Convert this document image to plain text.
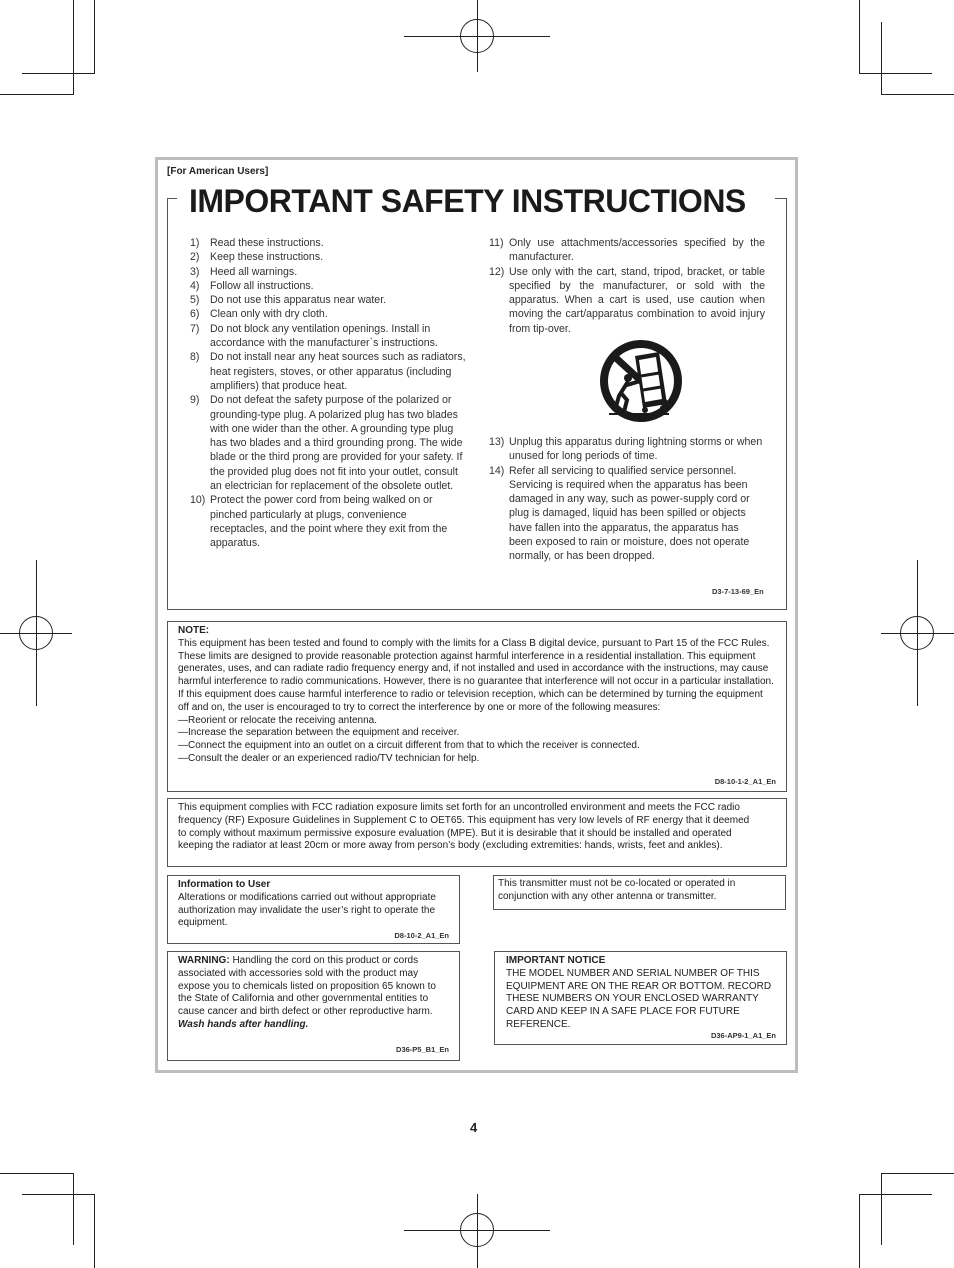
[For American Users]
IMPORTANT SAFETY INSTRUCTIONS
1) Read these instructions.
2) Keep these instructions.
3) Heed all warnings.
4) Follow all instructions.
5) Do not use this apparatus near water.
6) Clean only with dry cloth.
7) Do not block any ventilation openings. Install in accordance with the manufacturer`s instructions.
8) Do not install near any heat sources such as radiators, heat registers, stoves, or other apparatus (including amplifiers) that produce heat.
9) Do not defeat the safety purpose of the polarized or grounding-type plug. A polarized plug has two blades with one wider than the other. A grounding type plug has two blades and a third grounding prong. The wide blade or the third prong are provided for your safety. If the provided plug does not fit into your outlet, consult an electrician for replacement of the obsolete outlet.
10) Protect the power cord from being walked on or pinched particularly at plugs, convenience receptacles, and the point where they exit from the apparatus.
11) Only use attachments/accessories specified by the manufacturer.
12) Use only with the cart, stand, tripod, bracket, or table specified by the manufacturer, or sold with the apparatus. When a cart is used, use caution when moving the cart/apparatus combination to avoid injury from tip-over.
13) Unplug this apparatus during lightning storms or when unused for long periods of time.
14) Refer all servicing to qualified service personnel. Servicing is required when the apparatus has been damaged in any way, such as power-supply cord or plug is damaged, liquid has been spilled or objects have fallen into the apparatus, the apparatus has been exposed to rain or moisture, does not operate normally, or has been dropped.
D3-7-13-69_En

NOTE:

This equipment has been tested and found to comply with the limits for a Class B digital device, pursuant to Part 15 of the FCC Rules. These limits are designed to provide reasonable protection against harmful interference in a residential installation. This equipment generates, uses, and can radiate radio frequency energy and, if not installed and used in accordance with the instructions, may cause harmful interference to radio communications. However, there is no guarantee that interference will not occur in a particular installation. If this equipment does cause harmful interference to radio or television reception, which can be determined by turning the equipment off and on, the user is encouraged to try to correct the interference by one or more of the following measures:

—Reorient or relocate the receiving antenna.

—Increase the separation between the equipment and receiver.

—Connect the equipment into an outlet on a circuit different from that to which the receiver is connected.

—Consult the dealer or an experienced radio/TV technician for help.

D8-10-1-2_A1_En

This equipment complies with FCC radiation exposure limits set forth for an uncontrolled environment and meets the FCC radio frequency (RF) Exposure Guidelines in Supplement C to OET65. This equipment has very low levels of RF energy that it deemed to comply without maximum permissive exposure evaluation (MPE). But it is desirable that it should be installed and operated keeping the radiator at least 20cm or more away from person’s body (excluding extremities: hands, wrists, feet and ankles).

Information to User

Alterations or modifications carried out without appropriate authorization may invalidate the user’s right to operate the equipment.

D8-10-2_A1_En

This transmitter must not be co-located or operated in conjunction with any other antenna or transmitter.

WARNING: Handling the cord on this product or cords associated with accessories sold with the product may expose you to chemicals listed on proposition 65 known to the State of California and other governmental entities to cause cancer and birth defect or other reproductive harm.

Wash hands after handling.

D36-P5_B1_En

IMPORTANT NOTICE

THE MODEL NUMBER AND SERIAL NUMBER OF THIS EQUIPMENT ARE ON THE REAR OR BOTTOM. RECORD THESE NUMBERS ON YOUR ENCLOSED WARRANTY CARD AND KEEP IN A SAFE PLACE FOR FUTURE REFERENCE.

D36-AP9-1_A1_En
4
